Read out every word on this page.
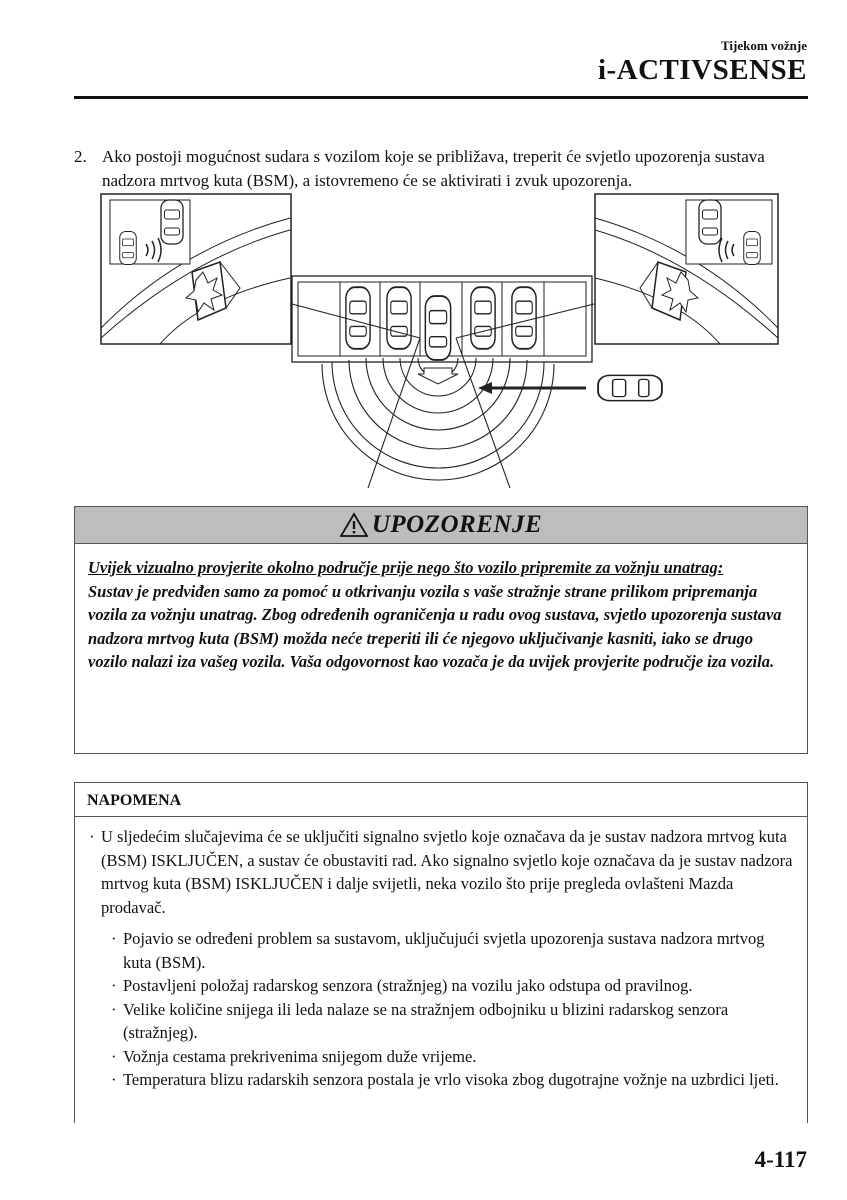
Tijekom vožnje
i-ACTIVSENSE
2. Ako postoji mogućnost sudara s vozilom koje se približava, treperit će svjetlo upozorenja sustava nadzora mrtvog kuta (BSM), a istovremeno će se aktivirati i zvuk upozorenja.
UPOZORENJE
Uvijek vizualno provjerite okolno područje prije nego što vozilo pripremite za vožnju unatrag:
Sustav je predviđen samo za pomoć u otkrivanju vozila s vaše stražnje strane prilikom pripremanja vozila za vožnju unatrag. Zbog određenih ograničenja u radu ovog sustava, svjetlo upozorenja sustava nadzora mrtvog kuta (BSM) možda neće treperiti ili će njegovo uključivanje kasniti, iako se drugo vozilo nalazi iza vašeg vozila. Vaša odgovornost kao vozača je da uvijek provjerite područje iza vozila.
NAPOMENA
· U sljedećim slučajevima će se uključiti signalno svjetlo koje označava da je sustav nadzora mrtvog kuta (BSM) ISKLJUČEN, a sustav će obustaviti rad. Ako signalno svjetlo koje označava da je sustav nadzora mrtvog kuta (BSM) ISKLJUČEN i dalje svijetli, neka vozilo što prije pregleda ovlašteni Mazda prodavač.
· Pojavio se određeni problem sa sustavom, uključujući svjetla upozorenja sustava nadzora mrtvog kuta (BSM).
· Postavljeni položaj radarskog senzora (stražnjeg) na vozilu jako odstupa od pravilnog.
· Velike količine snijega ili leda nalaze se na stražnjem odbojniku u blizini radarskog senzora (stražnjeg).
· Vožnja cestama prekrivenima snijegom duže vrijeme.
· Temperatura blizu radarskih senzora postala je vrlo visoka zbog dugotrajne vožnje na uzbrdici ljeti.
4-117
